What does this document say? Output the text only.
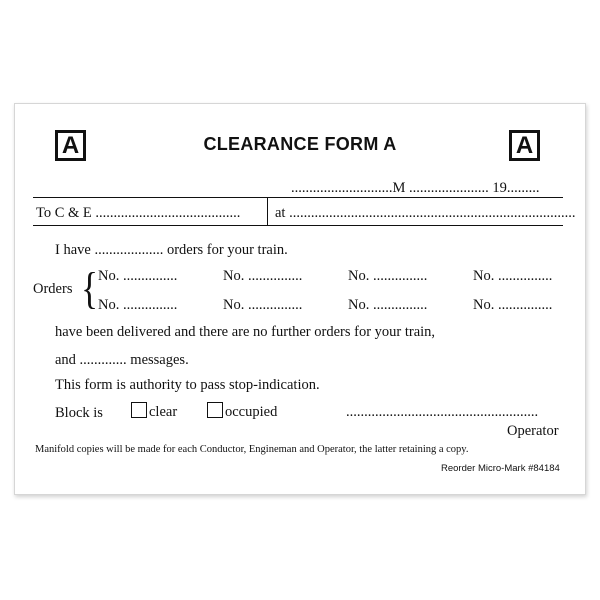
A	CLEARANCE FORM A	A
............................M ...................... 19.........
To C & E ........................................ at ...............................................................................
I have ................... orders for your train.
Orders { No. ...............	No. ...............	No. ...............	No. ...............
No. ...............	No. ...............	No. ...............	No. ...............
have been delivered and there are no further orders for your train,
and ............. messages.
This form is authority to pass stop-indication.
Block is	clear	occupied	.....................................................
Operator
Manifold copies will be made for each Conductor, Engineman and Operator, the latter retaining a copy.
Reorder Micro-Mark #84184
